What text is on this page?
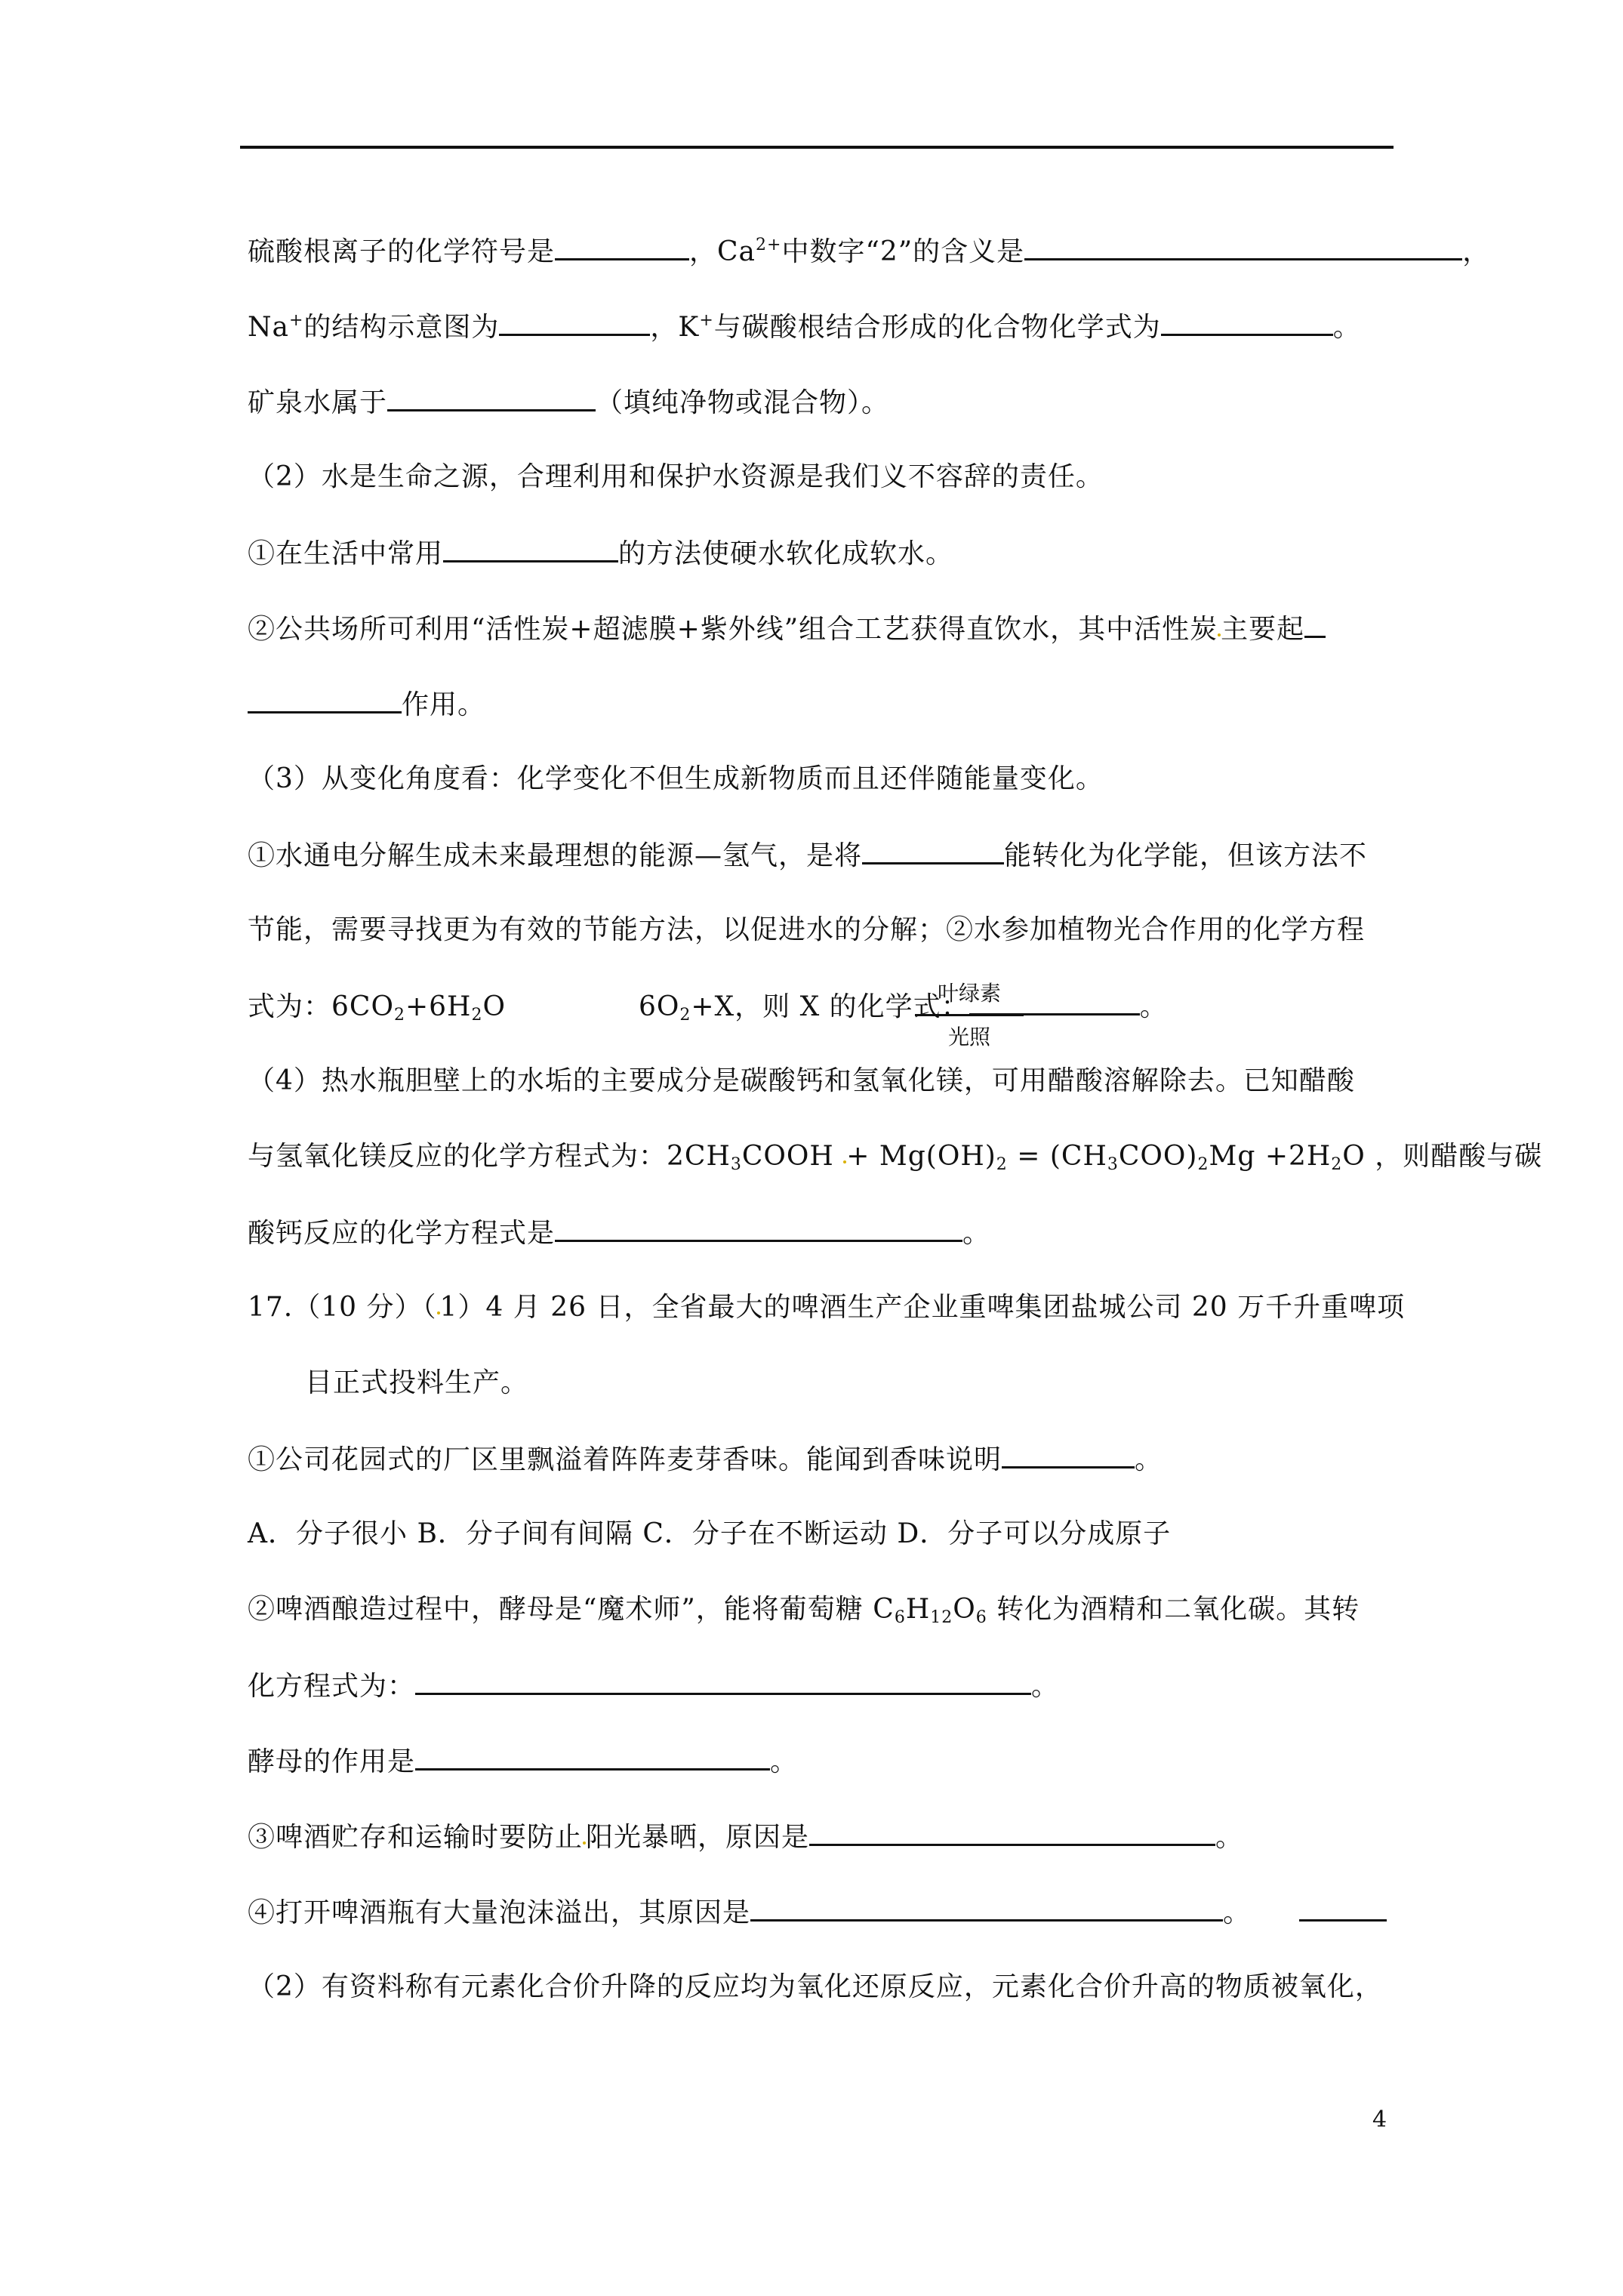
硫酸根离子的化学符号是	，$Ca^{2+}$中数字“2”的含义是	，
Na+的结构示意图为	，K+与碳酸根结合形成的化合物化学式为	。
矿泉水属于	（填纯净物或混合物）。
（2）水是生命之源，合理利用和保护水资源是我们义不容辞的责任。
①在生活中常用	的方法使硬水软化成软水。
②公共场所可利用“活性炭+超滤膜+紫外线”组合工艺获得直饮水，其中活性炭 主要起
作用。
（3）从变化角度看：化学变化不但生成新物质而且还伴随能量变化。
①水通电分解生成未来最理想的能源—氢气，是将	能转化为化学能，但该方法不
节能，需要寻找更为有效的节能方法，以促进水的分解；②水参加植物光合作用的化学方程
式为：$6CO_2+6H_2O$	$6O_2+X$，则 X 的化学式：	。
叶绿素
光照
（4）热水瓶胆壁上的水垢的主要成分是碳酸钙和氢氧化镁，可用醋酸溶解除去。已知醋酸
与氢氧化镁反应的化学方程式为：$2CH_3COOH + Mg(OH)_2 = (CH_3COO)_2Mg +2H_2O$ ，则醋酸与碳
酸钙反应的化学方程式是	。
17.（10 分）（ 1）4 月 26 日，全省最大的啤酒生产企业重啤集团盐城公司 20 万千升重啤项
目正式投料生产。
①公司花园式的厂区里飘溢着阵阵麦芽香味。能闻到香味说明	。
A．分子很小 B．分子间有间隔 C．分子在不断运动 D．分子可以分成原子
②啤酒酿造过程中，酵母是“魔术师”，能将葡萄糖 $C_6H_{12}O_6$ 转化为酒精和二氧化碳。其转
化方程式为：	。
酵母的作用是	。
③啤酒贮存和运输时要防止 阳光暴晒，原因是	。
④打开啤酒瓶有大量泡沫溢出，其原因是	。
（2）有资料称有元素化合价升降的反应均为氧化还原反应，元素化合价升高的物质被氧化，
4
